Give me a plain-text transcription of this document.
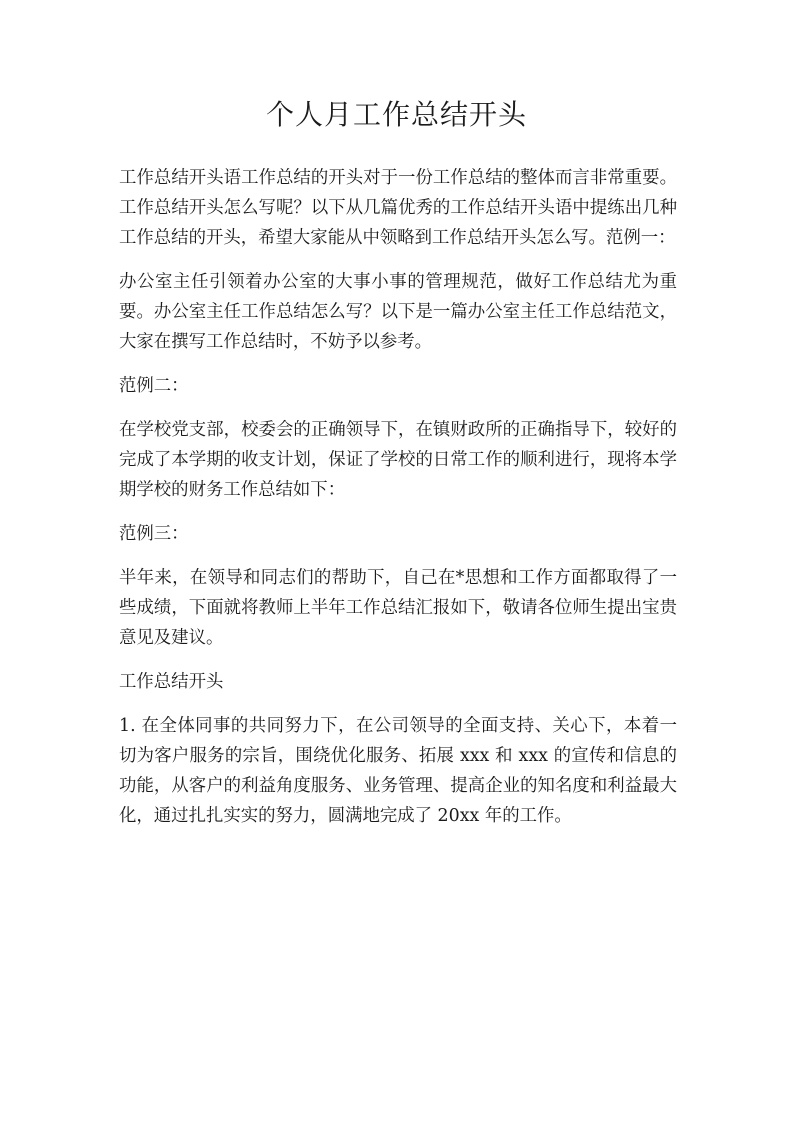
个人月工作总结开头

工作总结开头语工作总结的开头对于一份工作总结的整体而言非常重要。工作总结开头怎么写呢？以下从几篇优秀的工作总结开头语中提练出几种工作总结的开头，希望大家能从中领略到工作总结开头怎么写。范例一：

办公室主任引领着办公室的大事小事的管理规范，做好工作总结尤为重要。办公室主任工作总结怎么写？以下是一篇办公室主任工作总结范文，大家在撰写工作总结时，不妨予以参考。

范例二：

在学校党支部，校委会的正确领导下，在镇财政所的正确指导下，较好的完成了本学期的收支计划，保证了学校的日常工作的顺利进行，现将本学期学校的财务工作总结如下：

范例三：

半年来，在领导和同志们的帮助下，自己在*思想和工作方面都取得了一些成绩，下面就将教师上半年工作总结汇报如下，敬请各位师生提出宝贵意见及建议。

工作总结开头

1. 在全体同事的共同努力下，在公司领导的全面支持、关心下，本着一切为客户服务的宗旨，围绕优化服务、拓展 xxx 和 xxx 的宣传和信息的功能，从客户的利益角度服务、业务管理、提高企业的知名度和利益最大化，通过扎扎实实的努力，圆满地完成了 20xx 年的工作。
